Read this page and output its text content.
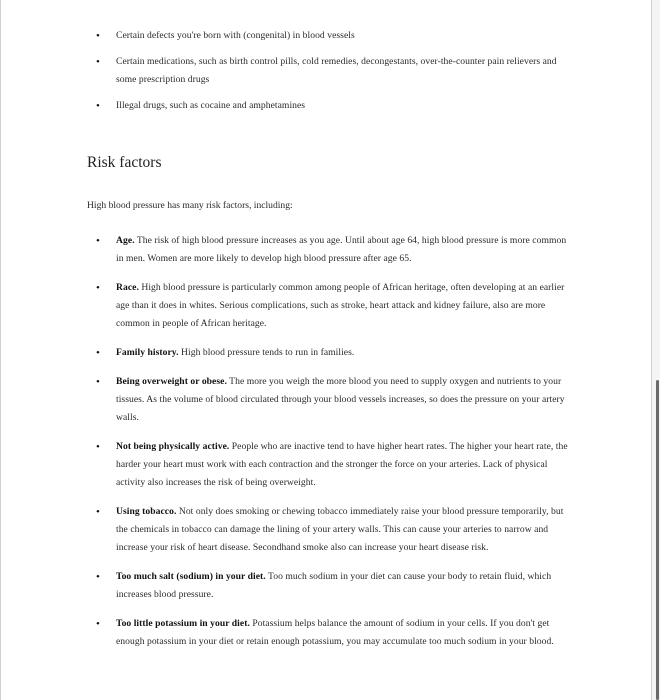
• Certain defects you're born with (congenital) in blood vessels
• Certain medications, such as birth control pills, cold remedies, decongestants, over-the-counter pain relievers and some prescription drugs
• Illegal drugs, such as cocaine and amphetamines
Risk factors

High blood pressure has many risk factors, including:

• Age. The risk of high blood pressure increases as you age. Until about age 64, high blood pressure is more common in men. Women are more likely to develop high blood pressure after age 65.
• Race. High blood pressure is particularly common among people of African heritage, often developing at an earlier age than it does in whites. Serious complications, such as stroke, heart attack and kidney failure, also are more common in people of African heritage.
• Family history. High blood pressure tends to run in families.
• Being overweight or obese. The more you weigh the more blood you need to supply oxygen and nutrients to your tissues. As the volume of blood circulated through your blood vessels increases, so does the pressure on your artery walls.
• Not being physically active. People who are inactive tend to have higher heart rates. The higher your heart rate, the harder your heart must work with each contraction and the stronger the force on your arteries. Lack of physical activity also increases the risk of being overweight.
• Using tobacco. Not only does smoking or chewing tobacco immediately raise your blood pressure temporarily, but the chemicals in tobacco can damage the lining of your artery walls. This can cause your arteries to narrow and increase your risk of heart disease. Secondhand smoke also can increase your heart disease risk.
• Too much salt (sodium) in your diet. Too much sodium in your diet can cause your body to retain fluid, which increases blood pressure.
• Too little potassium in your diet. Potassium helps balance the amount of sodium in your cells. If you don't get enough potassium in your diet or retain enough potassium, you may accumulate too much sodium in your blood.
